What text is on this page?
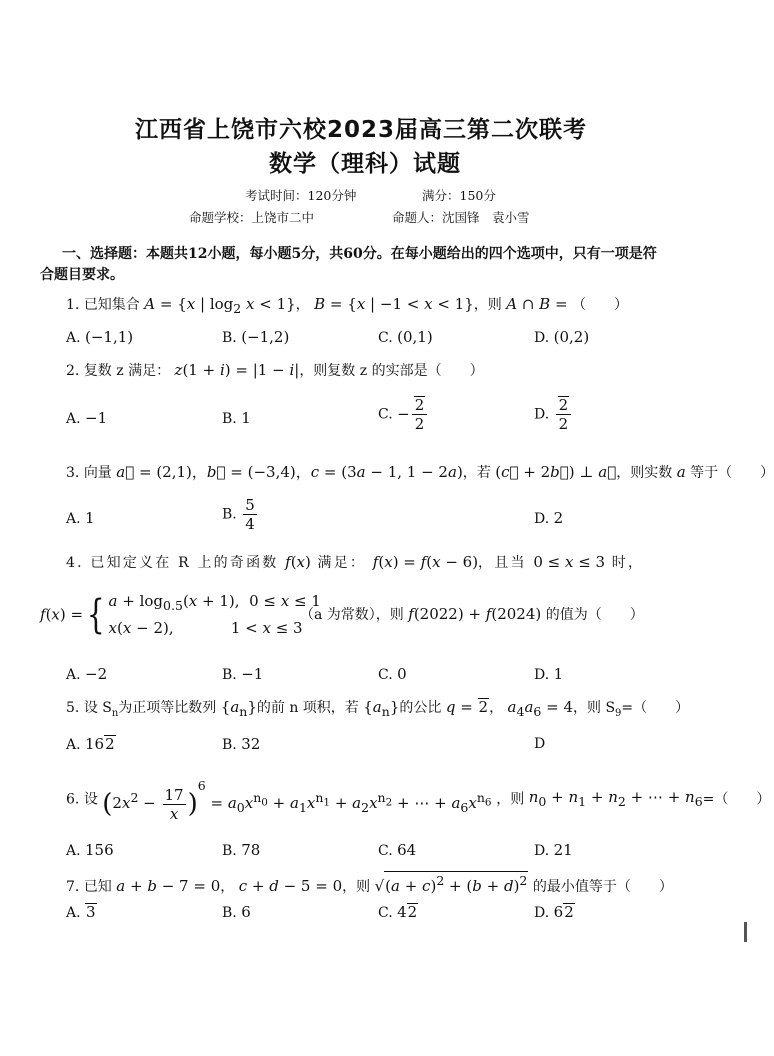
江西省上饶市六校2023届高三第二次联考
数学（理科）试题
考试时间：120分钟	满分：150分
命题学校：上饶市二中	命题人：沈国锋　袁小雪
一、选择题：本题共12小题，每小题5分，共60分。在每小题给出的四个选项中，只有一项是符
合题目要求。
1. 已知集合 A = {x | $\log_2 x < 1$}， B = {x | −1 < x < 1}，则 A ∩ B = （　　）
A. (−1,1)	B. (−1,2)	C. (0,1)	D. (0,2)
2. 复数 z 满足： z(1 + i) = |1 − i|，则复数 z 的实部是（　　）
A. −1	B. 1	C. − $\frac{2}{2}$	D. $\frac{2}{2}$
3. 向量 a⃗ = (2,1)，b⃗ = (−3,4)，c = (3a − 1, 1 − 2a)，若 (c⃗ + 2b⃗) ⊥ a⃗，则实数 a 等于（　　）
A. 1	B. $\frac{5}{4}$	D. 2
4. 已知定义在 R 上的奇函数 f(x) 满足： f(x) = f(x − 6)，且当 0 ≤ x ≤ 3 时，
f(x) ={ $a + \log_{0.5}(x + 1)$,  0 ≤ x ≤ 1
x(x − 2),            1 < x ≤ 3
（a 为常数），则 f(2022) + f(2024) 的值为（　　）
A. −2	B. −1	C. 0	D. 1
5. 设 $S_n$为正项等比数列 $\{a_n\}$的前 n 项积，若 $\{a_n\}$的公比 q = 2， $a_4a_6 = 4$，则 $S_9=$（　　）
A. 162	B. 32	D
6. 设 $(2x^2 - \frac{17}{x} )^6 = a_0x^{n_0} + a_1x^{n_1} + a_2x^{n_2}$ + ⋯ + $a_6x^{n_6}$ ，则 $n_0 + n_1 + n_2$ + ⋯ + $n_6=$（　　）
A. 156	B. 78	C. 64	D. 21
7. 已知 a + b − 7 = 0， c + d − 5 = 0，则 $√(a + c)^2 + (b + d)^2$ 的最小值等于（　　）
A. 3	B. 6	C. 42	D. 62
